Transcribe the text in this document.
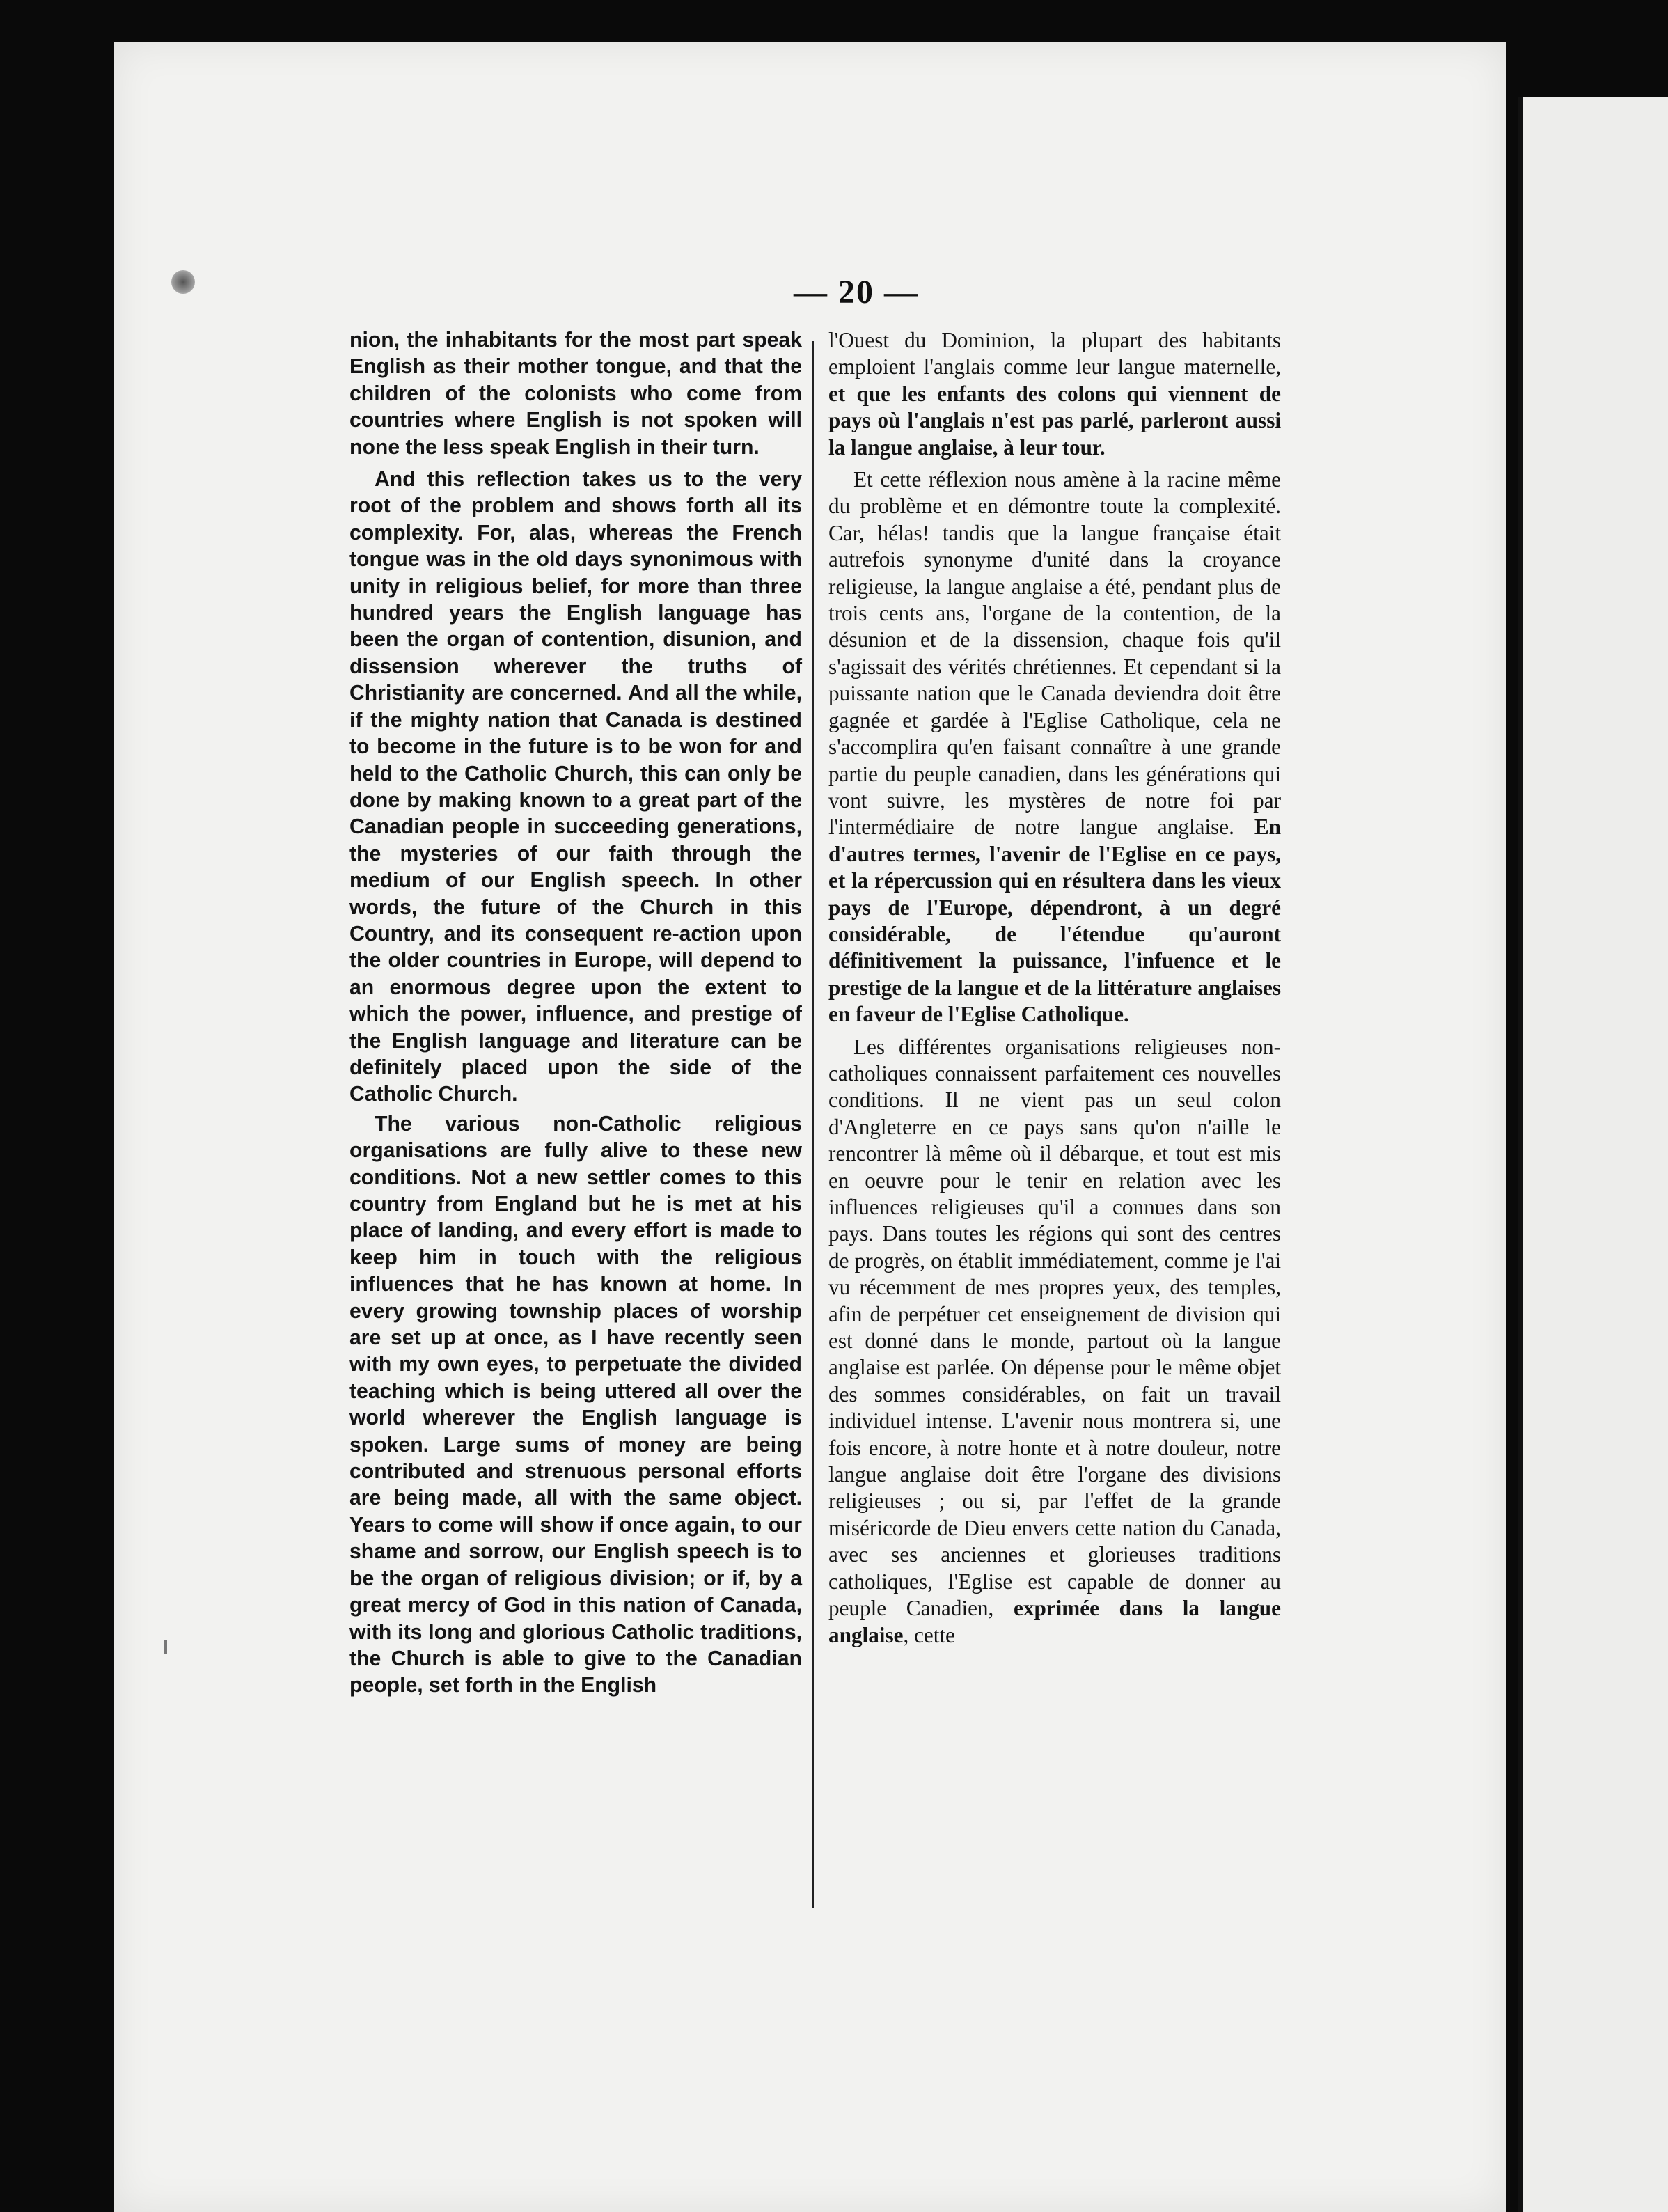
— 20 —

nion, the inhabitants for the most part speak English as their mother tongue, and that the children of the colonists who come from countries where English is not spoken will none the less speak English in their turn.

And this reflection takes us to the very root of the problem and shows forth all its complexity. For, alas, whereas the French tongue was in the old days synonimous with unity in religious belief, for more than three hundred years the English language has been the organ of contention, disunion, and dissension wherever the truths of Christianity are concerned. And all the while, if the mighty nation that Canada is destined to become in the future is to be won for and held to the Catholic Church, this can only be done by making known to a great part of the Canadian people in succeeding generations, the mysteries of our faith through the medium of our English speech. In other words, the future of the Church in this Country, and its consequent re-action upon the older countries in Europe, will depend to an enormous degree upon the extent to which the power, influence, and prestige of the English language and literature can be definitely placed upon the side of the Catholic Church.

The various non-Catholic religious organisations are fully alive to these new conditions. Not a new settler comes to this country from England but he is met at his place of landing, and every effort is made to keep him in touch with the religious influences that he has known at home. In every growing township places of worship are set up at once, as I have recently seen with my own eyes, to perpetuate the divided teaching which is being uttered all over the world wherever the English language is spoken. Large sums of money are being contributed and strenuous personal efforts are being made, all with the same object. Years to come will show if once again, to our shame and sorrow, our English speech is to be the organ of religious division; or if, by a great mercy of God in this nation of Canada, with its long and glorious Catholic traditions, the Church is able to give to the Canadian people, set forth in the English

l'Ouest du Dominion, la plupart des habitants emploient l'anglais comme leur langue maternelle, et que les enfants des colons qui viennent de pays où l'anglais n'est pas parlé, parleront aussi la langue anglaise, à leur tour.

Et cette réflexion nous amène à la racine même du problème et en démontre toute la complexité. Car, hélas! tandis que la langue française était autrefois synonyme d'unité dans la croyance religieuse, la langue anglaise a été, pendant plus de trois cents ans, l'organe de la contention, de la désunion et de la dissension, chaque fois qu'il s'agissait des vérités chrétiennes. Et cependant si la puissante nation que le Canada deviendra doit être gagnée et gardée à l'Eglise Catholique, cela ne s'accomplira qu'en faisant connaître à une grande partie du peuple canadien, dans les générations qui vont suivre, les mystères de notre foi par l'intermédiaire de notre langue anglaise. En d'autres termes, l'avenir de l'Eglise en ce pays, et la répercussion qui en résultera dans les vieux pays de l'Europe, dépendront, à un degré considérable, de l'étendue qu'auront définitivement la puissance, l'infuence et le prestige de la langue et de la littérature anglaises en faveur de l'Eglise Catholique.

Les différentes organisations religieuses non-catholiques connaissent parfaitement ces nouvelles conditions. Il ne vient pas un seul colon d'Angleterre en ce pays sans qu'on n'aille le rencontrer là même où il débarque, et tout est mis en oeuvre pour le tenir en relation avec les influences religieuses qu'il a connues dans son pays. Dans toutes les régions qui sont des centres de progrès, on établit immédiatement, comme je l'ai vu récemment de mes propres yeux, des temples, afin de perpétuer cet enseignement de division qui est donné dans le monde, partout où la langue anglaise est parlée. On dépense pour le même objet des sommes considérables, on fait un travail individuel intense. L'avenir nous montrera si, une fois encore, à notre honte et à notre douleur, notre langue anglaise doit être l'organe des divisions religieuses ; ou si, par l'effet de la grande miséricorde de Dieu envers cette nation du Canada, avec ses anciennes et glorieuses traditions catholiques, l'Eglise est capable de donner au peuple Canadien, exprimée dans la langue anglaise, cette
